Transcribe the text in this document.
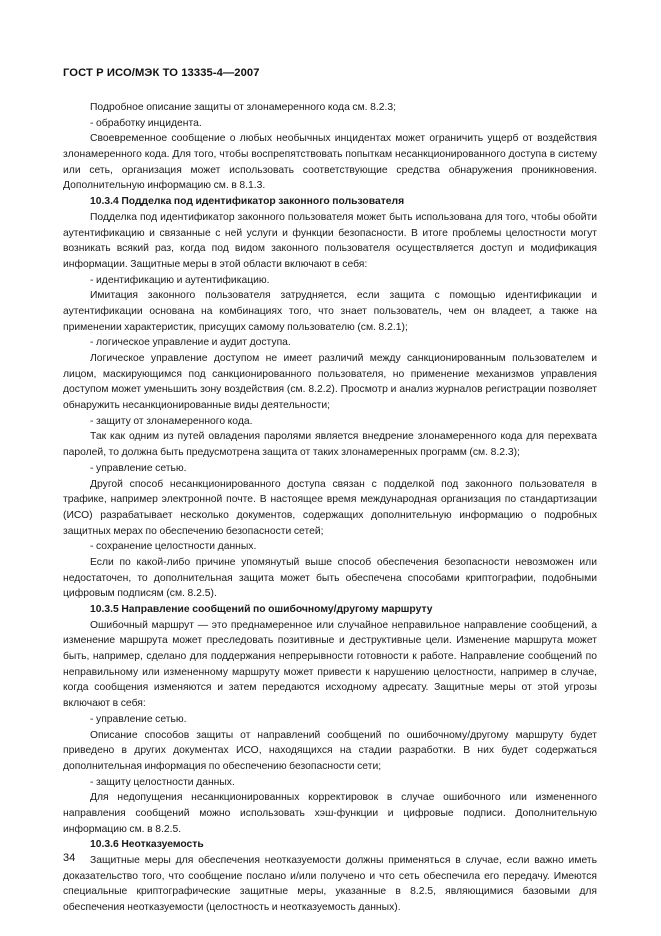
ГОСТ Р ИСО/МЭК ТО 13335-4—2007

Подробное описание защиты от злонамеренного кода см. 8.2.3;

- обработку инцидента.

Своевременное сообщение о любых необычных инцидентах может ограничить ущерб от воздействия злонамеренного кода. Для того, чтобы воспрепятствовать попыткам несанкционированного доступа в систему или сеть, организация может использовать соответствующие средства обнаружения проникновения. Дополнительную информацию см. в 8.1.3.

10.3.4 Подделка под идентификатор законного пользователя

Подделка под идентификатор законного пользователя может быть использована для того, чтобы обойти аутентификацию и связанные с ней услуги и функции безопасности. В итоге проблемы целостности могут возникать всякий раз, когда под видом законного пользователя осуществляется доступ и модификация информации. Защитные меры в этой области включают в себя:

- идентификацию и аутентификацию.

Имитация законного пользователя затрудняется, если защита с помощью идентификации и аутентификации основана на комбинациях того, что знает пользователь, чем он владеет, а также на применении характеристик, присущих самому пользователю (см. 8.2.1);

- логическое управление и аудит доступа.

Логическое управление доступом не имеет различий между санкционированным пользователем и лицом, маскирующимся под санкционированного пользователя, но применение механизмов управления доступом может уменьшить зону воздействия (см. 8.2.2). Просмотр и анализ журналов регистрации позволяет обнаружить несанкционированные виды деятельности;

- защиту от злонамеренного кода.

Так как одним из путей овладения паролями является внедрение злонамеренного кода для перехвата паролей, то должна быть предусмотрена защита от таких злонамеренных программ (см. 8.2.3);

- управление сетью.

Другой способ несанкционированного доступа связан с подделкой под законного пользователя в трафике, например электронной почте. В настоящее время международная организация по стандартизации (ИСО) разрабатывает несколько документов, содержащих дополнительную информацию о подробных защитных мерах по обеспечению безопасности сетей;

- сохранение целостности данных.

Если по какой-либо причине упомянутый выше способ обеспечения безопасности невозможен или недостаточен, то дополнительная защита может быть обеспечена способами криптографии, подобными цифровым подписям (см. 8.2.5).

10.3.5 Направление сообщений по ошибочному/другому маршруту

Ошибочный маршрут — это преднамеренное или случайное неправильное направление сообщений, а изменение маршрута может преследовать позитивные и деструктивные цели. Изменение маршрута может быть, например, сделано для поддержания непрерывности готовности к работе. Направление сообщений по неправильному или измененному маршруту может привести к нарушению целостности, например в случае, когда сообщения изменяются и затем передаются исходному адресату. Защитные меры от этой угрозы включают в себя:

- управление сетью.

Описание способов защиты от направлений сообщений по ошибочному/другому маршруту будет приведено в других документах ИСО, находящихся на стадии разработки. В них будет содержаться дополнительная информация по обеспечению безопасности сети;

- защиту целостности данных.

Для недопущения несанкционированных корректировок в случае ошибочного или измененного направления сообщений можно использовать хэш-функции и цифровые подписи. Дополнительную информацию см. в 8.2.5.

10.3.6 Неотказуемость

Защитные меры для обеспечения неотказуемости должны применяться в случае, если важно иметь доказательство того, что сообщение послано и/или получено и что сеть обеспечила его передачу. Имеются специальные криптографические защитные меры, указанные в 8.2.5, являющимися базовыми для обеспечения неотказуемости (целостность и неотказуемость данных).

34
